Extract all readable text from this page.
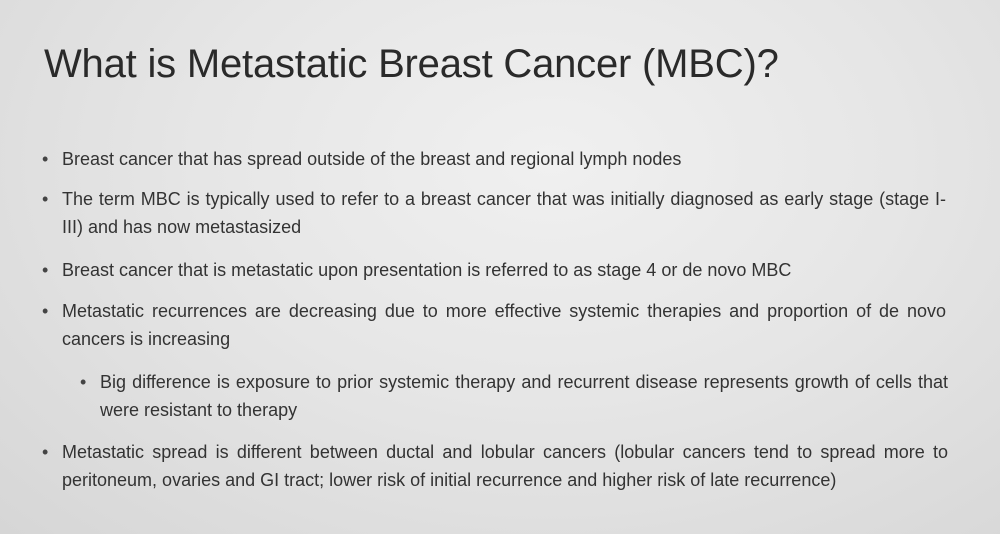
What is Metastatic Breast Cancer (MBC)?
• Breast cancer that has spread outside of the breast and regional lymph nodes
• The term MBC is typically used to refer to a breast cancer that was initially diagnosed as early stage (stage I-III) and has now metastasized
• Breast cancer that is metastatic upon presentation is referred to as stage 4 or de novo MBC
• Metastatic recurrences are decreasing due to more effective systemic therapies and proportion of de novo cancers is increasing
• Big difference is exposure to prior systemic therapy and recurrent disease represents growth of cells that were resistant to therapy
• Metastatic spread is different between ductal and lobular cancers (lobular cancers tend to spread more to peritoneum, ovaries and GI tract; lower risk of initial recurrence and higher risk of late recurrence)
